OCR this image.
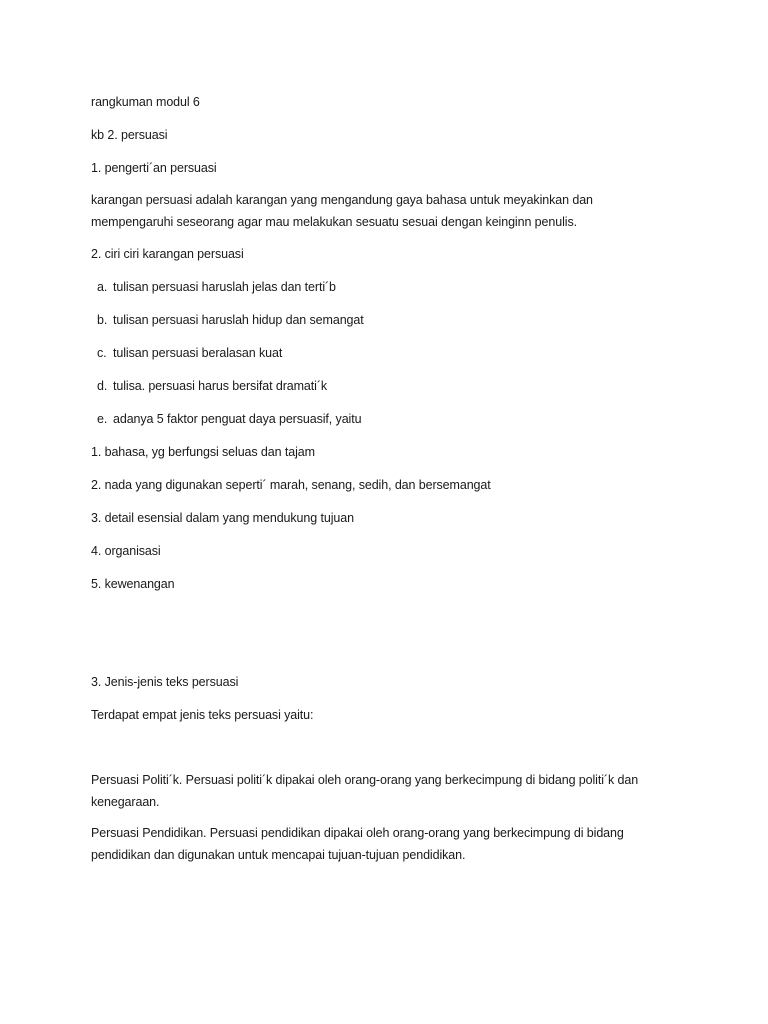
rangkuman modul 6
kb 2. persuasi
1. pengerti´an persuasi
karangan persuasi adalah karangan yang mengandung gaya bahasa untuk meyakinkan dan mempengaruhi seseorang agar mau melakukan sesuatu sesuai dengan keinginn penulis.
2. ciri ciri karangan persuasi
a. tulisan persuasi haruslah jelas dan terti´b
b. tulisan persuasi haruslah hidup dan semangat
c. tulisan persuasi beralasan kuat
d. tulisa. persuasi harus bersifat dramati´k
e. adanya 5 faktor penguat daya persuasif, yaitu
1. bahasa, yg berfungsi seluas dan tajam
2. nada yang digunakan seperti´ marah, senang, sedih, dan bersemangat
3. detail esensial dalam yang mendukung tujuan
4. organisasi
5. kewenangan
3. Jenis-jenis teks persuasi
Terdapat empat jenis teks persuasi yaitu:
Persuasi Politi´k. Persuasi politi´k dipakai oleh orang-orang yang berkecimpung di bidang politi´k dan kenegaraan.
Persuasi Pendidikan. Persuasi pendidikan dipakai oleh orang-orang yang berkecimpung di bidang pendidikan dan digunakan untuk mencapai tujuan-tujuan pendidikan.
